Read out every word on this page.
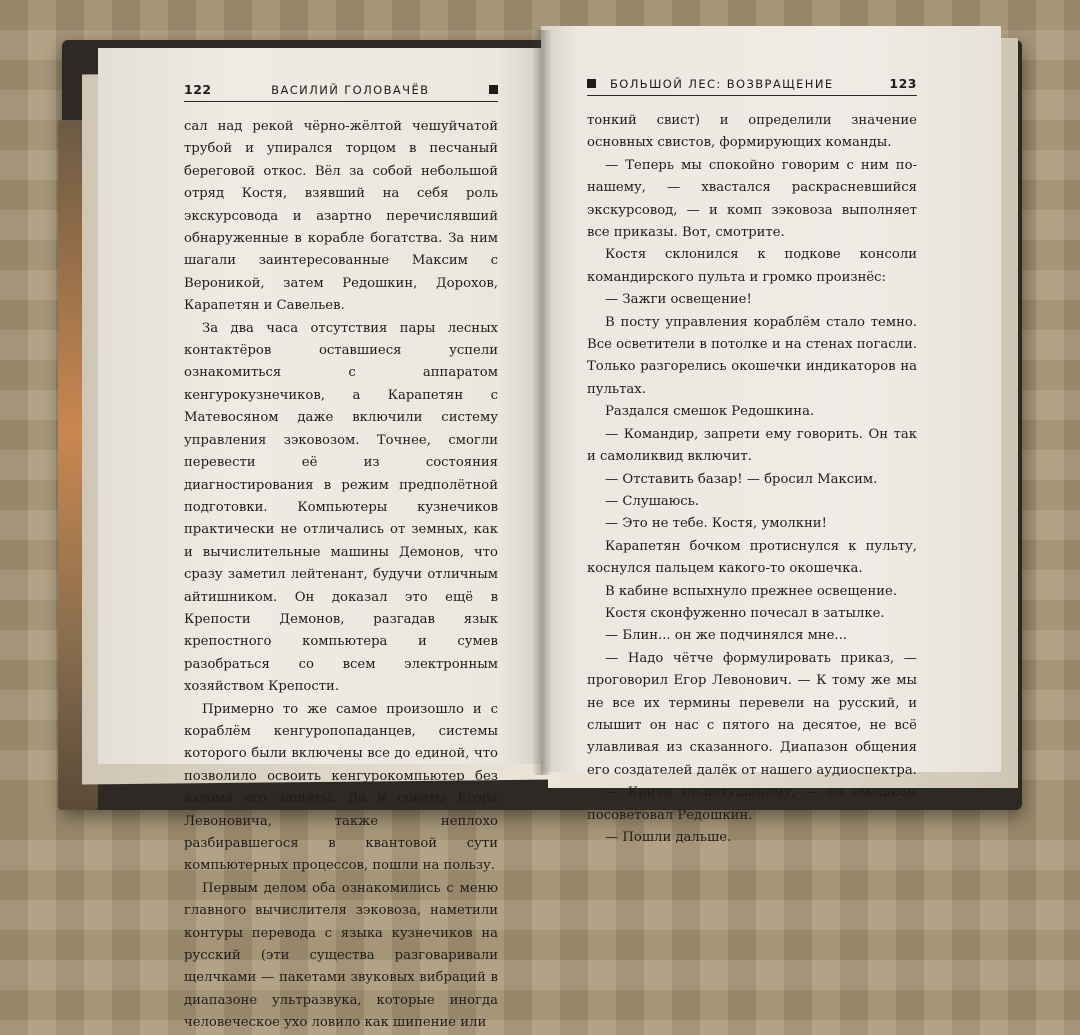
122	ВАСИЛИЙ ГОЛОВАЧЁВ

сал над рекой чёрно-жёлтой чешуйчатой трубой и упирался торцом в песчаный береговой откос. Вёл за собой небольшой отряд Костя, взявший на себя роль экскурсовода и азартно перечислявший обнаруженные в корабле богатства. За ним шагали заинтересованные Максим с Вероникой, затем Редошкин, Дорохов, Карапетян и Савельев.

За два часа отсутствия пары лесных контактёров оставшиеся успели ознакомиться с аппаратом кенгурокузнечиков, а Карапетян с Матевосяном даже включили систему управления зэковозом. Точнее, смогли перевести её из состояния диагностирования в режим предполётной подготовки. Компьютеры кузнечиков практически не отличались от земных, как и вычислительные машины Демонов, что сразу заметил лейтенант, будучи отличным айтишником. Он доказал это ещё в Крепости Демонов, разгадав язык крепостного компьютера и сумев разобраться со всем электронным хозяйством Крепости.

Примерно то же самое произошло и с кораблём кенгуропопаданцев, системы которого были включены все до единой, что позволило освоить кенгурокомпьютер без взлома его защиты. Да и советы Егора Левоновича, также неплохо разбиравшегося в квантовой сути компьютерных процессов, пошли на пользу.

Первым делом оба ознакомились с меню главного вычислителя зэковоза, наметили контуры перевода с языка кузнечиков на русский (эти существа разговаривали щелчками — пакетами звуковых вибраций в диапазоне ультразвука, которые иногда человеческое ухо ловило как шипение или

БОЛЬШОЙ ЛЕС: ВОЗВРАЩЕНИЕ	123

тонкий свист) и определили значение основных свистов, формирующих команды.

— Теперь мы спокойно говорим с ним по-нашему, — хвастался раскрасневшийся экскурсовод, — и комп зэковоза выполняет все приказы. Вот, смотрите.

Костя склонился к подкове консоли командирского пульта и громко произнёс:

— Зажги освещение!

В посту управления кораблём стало темно. Все осветители в потолке и на стенах погасли. Только разгорелись окошечки индикаторов на пультах.

Раздался смешок Редошкина.

— Командир, запрети ему говорить. Он так и самоликвид включит.

— Отставить базар! — бросил Максим.

— Слушаюсь.

— Это не тебе. Костя, умолкни!

Карапетян бочком протиснулся к пульту, коснулся пальцем какого-то окошечка.

В кабине вспыхнуло прежнее освещение.

Костя сконфуженно почесал в затылке.

— Блин... он же подчинялся мне...

— Надо чётче формулировать приказ, — проговорил Егор Левонович. — К тому же мы не все их термины перевели на русский, и слышит он нас с пятого на десятое, не всё улавливая из сказанного. Диапазон общения его создателей далёк от нашего аудиоспектра.

— Кричи по-петушиному, — со смешком посоветовал Редошкин.

— Пошли дальше.
